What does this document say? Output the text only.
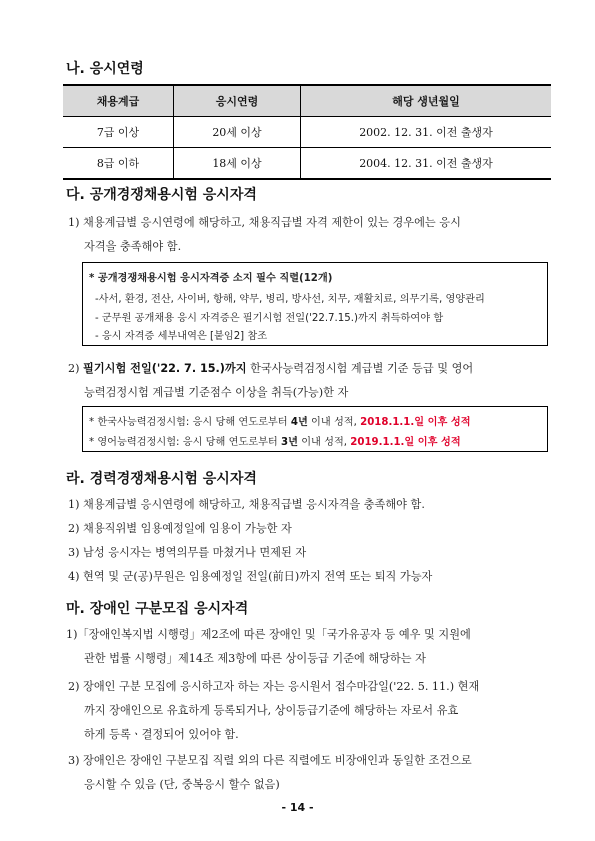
나. 응시연령
채용계급	응시연령	해당 생년월일
7급 이상	20세 이상	2002. 12. 31. 이전 출생자
8급 이하	18세 이상	2004. 12. 31. 이전 출생자
다. 공개경쟁채용시험 응시자격
1) 채용계급별 응시연령에 해당하고, 채용직급별 자격 제한이 있는 경우에는 응시
자격을 충족해야 함.
* 공개경쟁채용시험 응시자격증 소지 필수 직렬(12개)
-사서, 환경, 전산, 사이버, 항해, 약무, 병리, 방사선, 치무, 재활치료, 의무기록, 영양관리
- 군무원 공개채용 응시 자격증은 필기시험 전일('22.7.15.)까지 취득하여야 함
- 응시 자격증 세부내역은 [붙임2] 참조
2) 필기시험 전일('22. 7. 15.)까지 한국사능력검정시험 계급별 기준 등급 및 영어
능력검정시험 계급별 기준점수 이상을 취득(가능)한 자
* 한국사능력검정시험: 응시 당해 연도로부터 4년 이내 성적, 2018.1.1.일 이후 성적
* 영어능력검정시험: 응시 당해 연도로부터 3년 이내 성적, 2019.1.1.일 이후 성적
라. 경력경쟁채용시험 응시자격
1) 채용계급별 응시연령에 해당하고, 채용직급별 응시자격을 충족해야 함.
2) 채용직위별 임용예정일에 임용이 가능한 자
3) 남성 응시자는 병역의무를 마쳤거나 면제된 자
4) 현역 및 군(공)무원은 임용예정일 전일(前日)까지 전역 또는 퇴직 가능자
마. 장애인 구분모집 응시자격
1)「장애인복지법 시행령」제2조에 따른 장애인 및「국가유공자 등 예우 및 지원에
관한 법률 시행령」제14조 제3항에 따른 상이등급 기준에 해당하는 자
2) 장애인 구분 모집에 응시하고자 하는 자는 응시원서 접수마감일('22. 5. 11.) 현재
까지 장애인으로 유효하게 등록되거나, 상이등급기준에 해당하는 자로서 유효
하게 등록ㆍ결정되어 있어야 함.
3) 장애인은 장애인 구분모집 직렬 외의 다른 직렬에도 비장애인과 동일한 조건으로
응시할 수 있음 (단, 중복응시 할수 없음)
- 14 -
